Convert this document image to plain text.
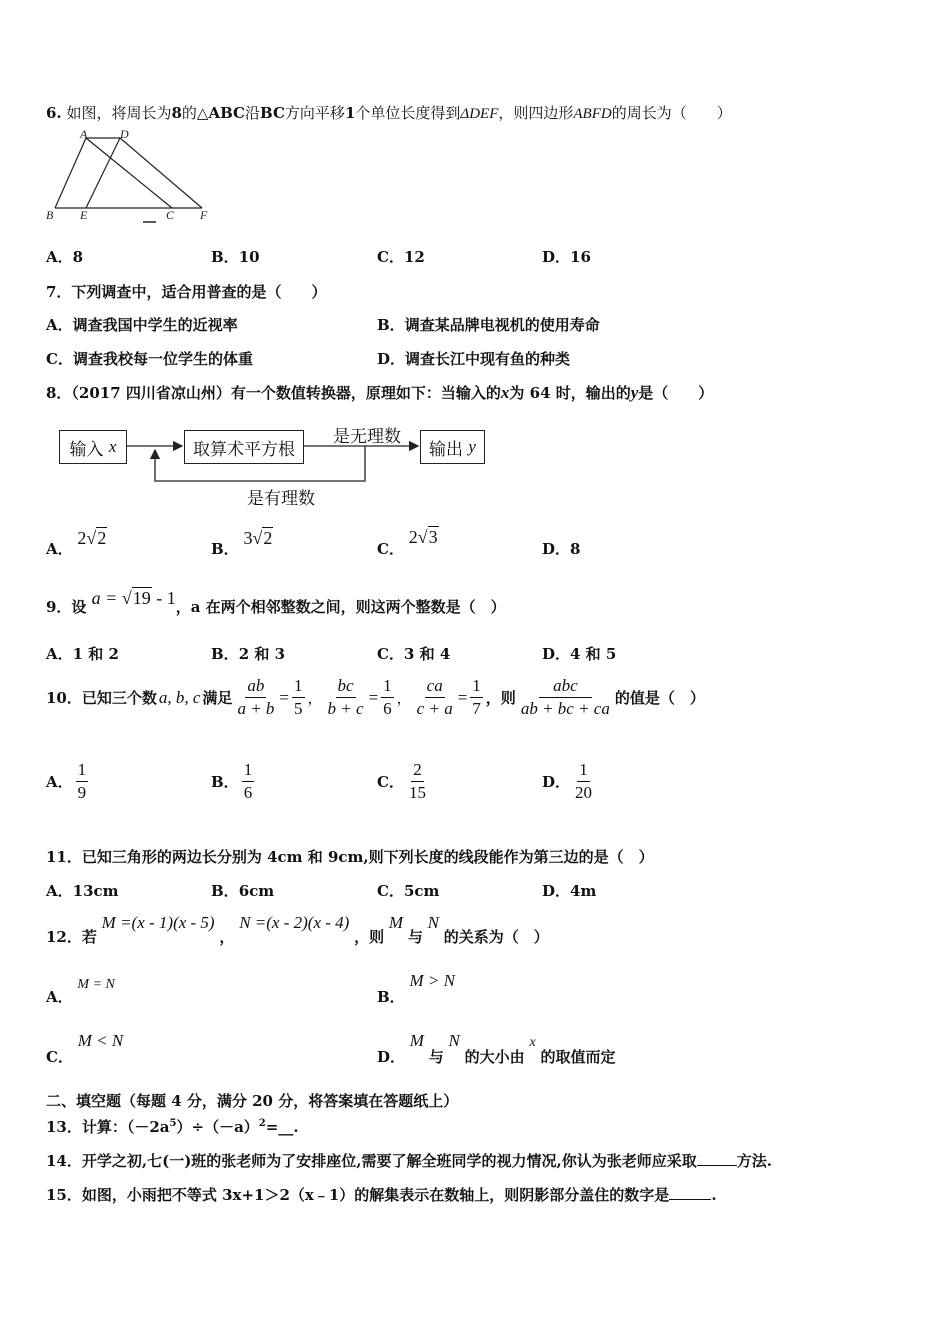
6. 如图，将周长为8的△ABC沿BC方向平移1个单位长度得到ΔDEF，则四边形ABFD的周长为（　　）
A	D
B E	C F
A．8	B．10	C．12	D．16
7．下列调查中，适合用普查的是（　　）
A．调查我国中学生的近视率	B．调查某品牌电视机的使用寿命
C．调查我校每一位学生的体重	D．调查长江中现有鱼的种类
8．（2017 四川省凉山州）有一个数值转换器，原理如下：当输入的x为 64 时，输出的y是（　　）
输入
x	取算术平方根	输出
y
是无理数
是有理数
A． 2√2
B． 3√2
C． 2√3
D．8
9．设 a = √19 - 1，a 在两个相邻整数之间，则这两个整数是（　）
A．1 和 2	B．2 和 3	C．3 和 4	D．4 和 5
10．已知三个数 a, b, c 满足 $\frac{ab}{a + b} = \frac{1}{5}$ ， $\frac{bc}{b + c} = \frac{1}{6}$ ， $\frac{ca}{c + a} = \frac{1}{7}$ ，则 $\frac{\text{abc}}{ab + bc + ca}$ 的值是（　）
A． $\frac{1}{9}$	B． $\frac{1}{6}$	C． $\frac{2}{15}$	D． $\frac{1}{20}$
11．已知三角形的两边长分别为 4cm 和 9cm,则下列长度的线段能作为第三边的是（　）
A．13cm	B．6cm	C．5cm	D．4m
12．若 M =(x - 1)(x - 5) ， N =(x - 2)(x - 4) ，则 M 与 N 的关系为（　）
A． M = N
B． M > N
C． M < N
D． M 与 N 的大小由 x 的取值而定
二、填空题（每题 4 分，满分 20 分，将答案填在答题纸上）
13．计算：$(-2a^5)\div(-a)^2=\_\_$.
14．开学之初,七(一)班的张老师为了安排座位,需要了解全班同学的视力情况,你认为张老师应采取	方法.
15．如图，小雨把不等式 3x+1＞2（x﹣1）的解集表示在数轴上，则阴影部分盖住的数字是	.
